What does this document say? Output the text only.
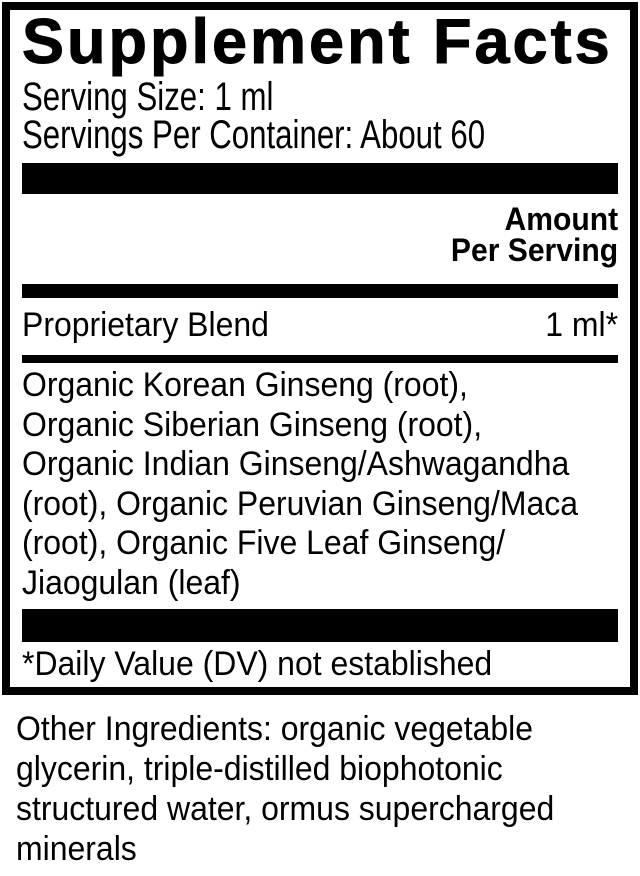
Supplement Facts
Serving Size: 1 ml
Servings Per Container: About 60
Amount
Per Serving
Proprietary Blend	1 ml*
Organic Korean Ginseng (root),
Organic Siberian Ginseng (root),
Organic Indian Ginseng/Ashwagandha
(root), Organic Peruvian Ginseng/Maca
(root), Organic Five Leaf Ginseng/
Jiaogulan (leaf)
*Daily Value (DV) not established
Other Ingredients: organic vegetable
glycerin, triple-distilled biophotonic
structured water, ormus supercharged
minerals
